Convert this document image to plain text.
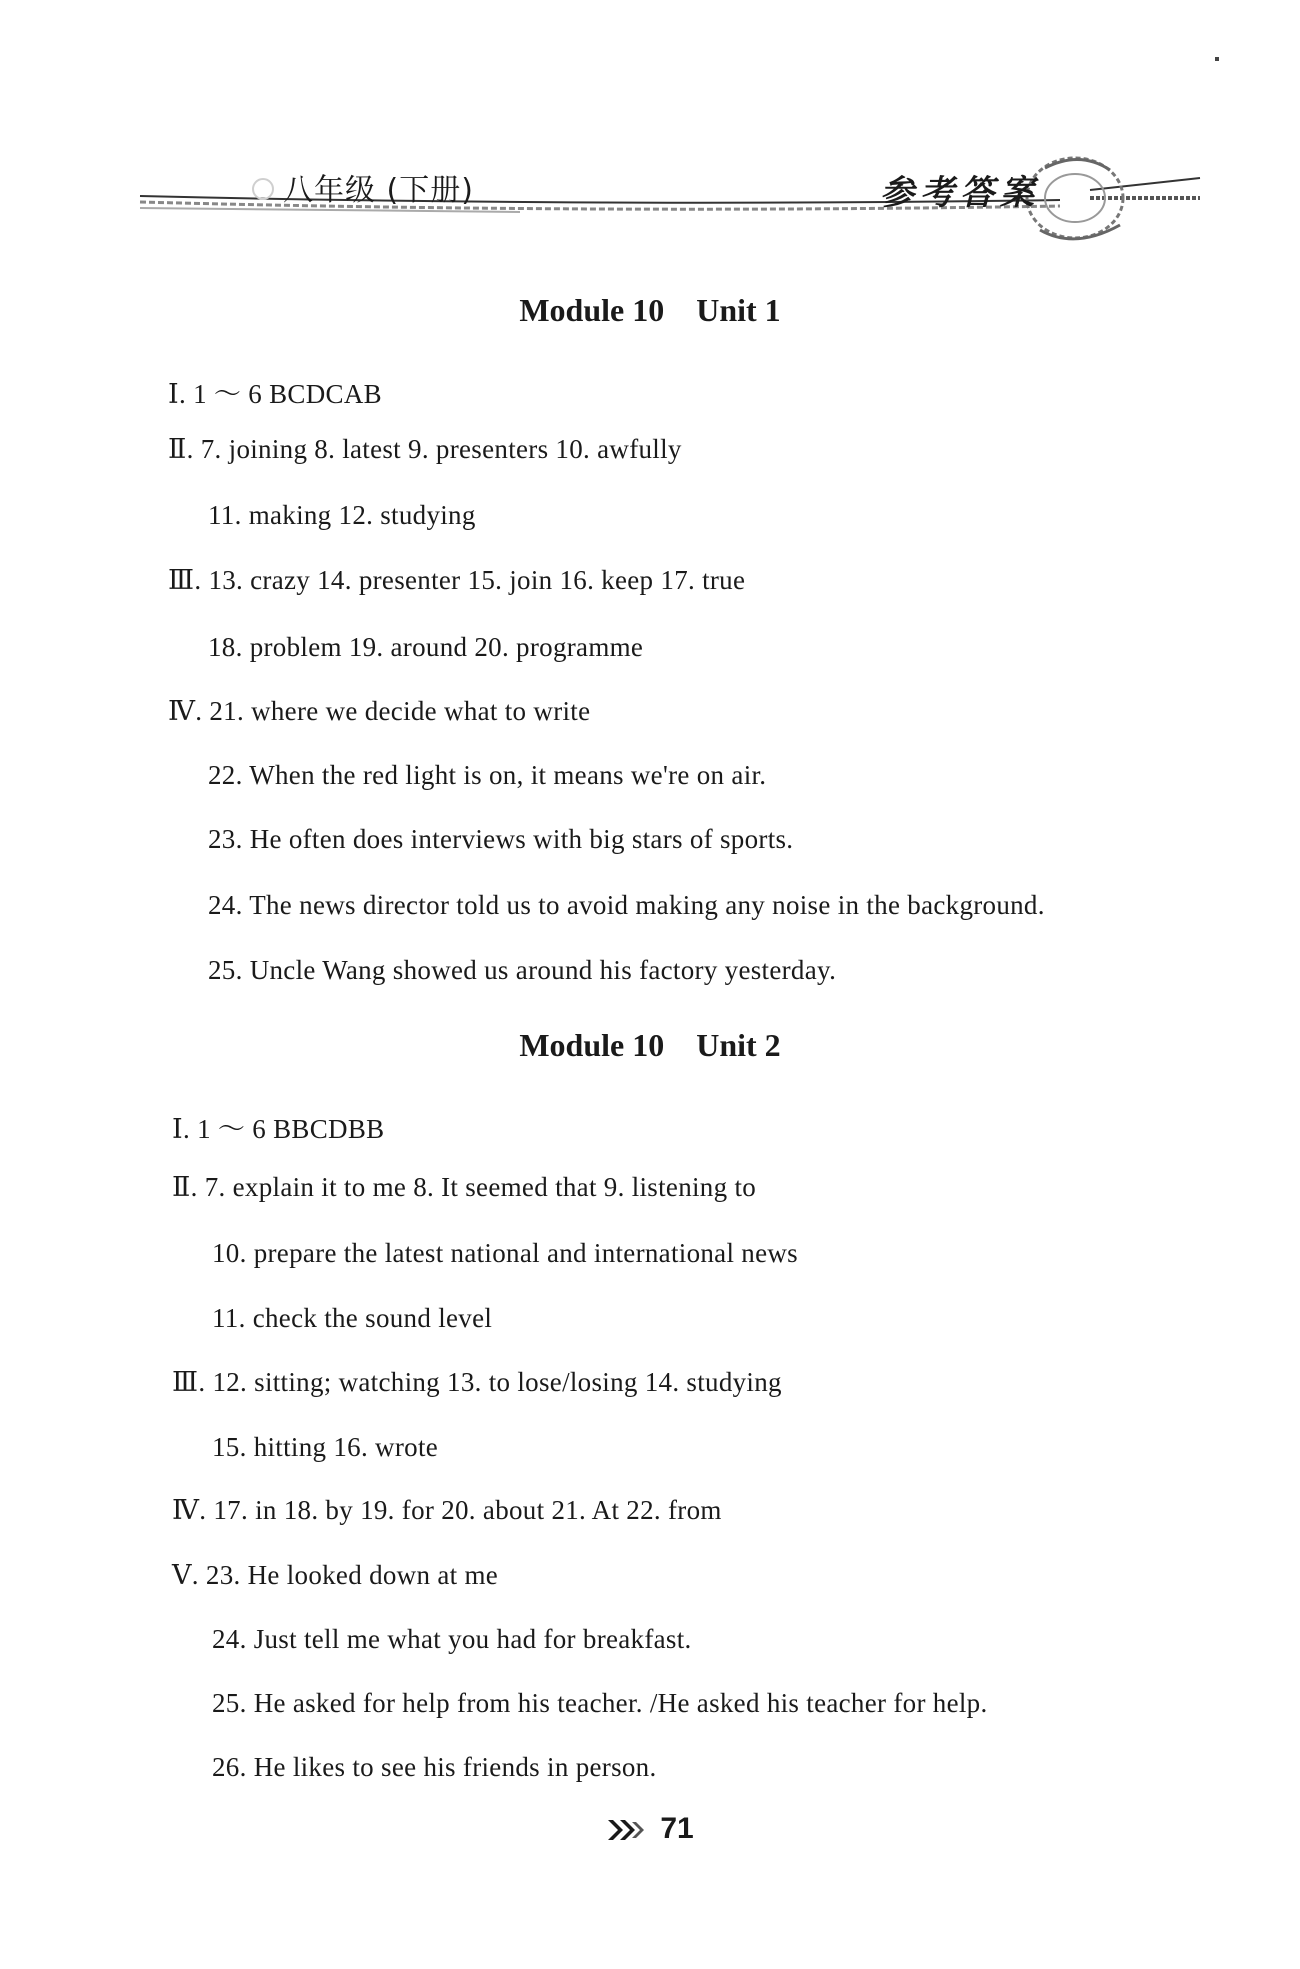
八年级 (下册)	参考答案
Module 10 Unit 1
Ⅰ. 1 ～ 6 BCDCAB
Ⅱ. 7. joining 8. latest 9. presenters 10. awfully
11. making 12. studying
Ⅲ. 13. crazy 14. presenter 15. join 16. keep 17. true
18. problem 19. around 20. programme
Ⅳ. 21. where we decide what to write
22. When the red light is on, it means we're on air.
23. He often does interviews with big stars of sports.
24. The news director told us to avoid making any noise in the background.
25. Uncle Wang showed us around his factory yesterday.
Module 10 Unit 2
Ⅰ. 1 ～ 6 BBCDBB
Ⅱ. 7. explain it to me 8. It seemed that 9. listening to
10. prepare the latest national and international news
11. check the sound level
Ⅲ. 12. sitting; watching 13. to lose/losing 14. studying
15. hitting 16. wrote
Ⅳ. 17. in 18. by 19. for 20. about 21. At 22. from
Ⅴ. 23. He looked down at me
24. Just tell me what you had for breakfast.
25. He asked for help from his teacher. /He asked his teacher for help.
26. He likes to see his friends in person.
71
